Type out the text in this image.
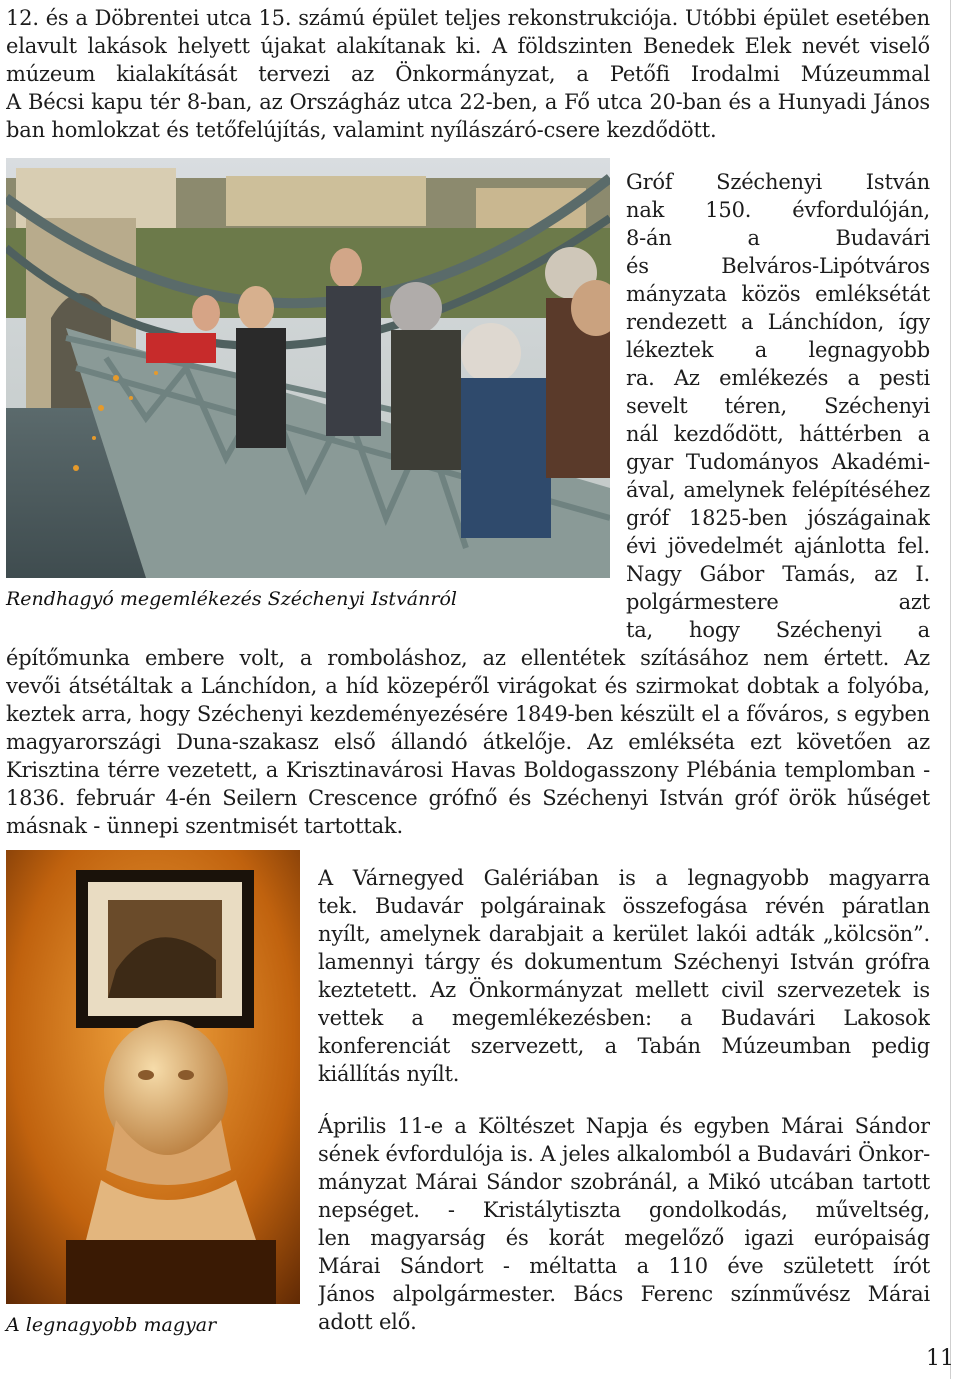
12. és a Döbrentei utca 15. számú épület teljes rekonstrukciója. Utóbbi épület esetében
elavult lakások helyett újakat alakítanak ki. A földszinten Benedek Elek nevét viselő
múzeum kialakítását tervezi az Önkormányzat, a Petőfi Irodalmi Múzeummal
A Bécsi kapu tér 8-ban, az Országház utca 22-ben, a Fő utca 20-ban és a Hunyadi János
ban homlokzat és tetőfelújítás, valamint nyílászáró-csere kezdődött.
Rendhagyó megemlékezés Széchenyi Istvánról
Gróf Széchenyi István
nak 150. évfordulóján,
8-án a Budavári
és Belváros-Lipótváros
mányzata közös emléksétát
rendezett a Lánchídon, így
lékeztek a legnagyobb
ra. Az emlékezés a pesti
sevelt téren, Széchenyi
nál kezdődött, háttérben a
gyar Tudományos Akadémi-
ával, amelynek felépítéséhez
gróf 1825-ben jószágainak
évi jövedelmét ajánlotta fel.
Nagy Gábor Tamás, az I.
polgármestere azt
ta, hogy Széchenyi a
építőmunka embere volt, a romboláshoz, az ellentétek szításához nem értett. Az
vevői átsétáltak a Lánchídon, a híd közepéről virágokat és szirmokat dobtak a folyóba,
keztek arra, hogy Széchenyi kezdeményezésére 1849-ben készült el a főváros, s egyben
magyarországi Duna-szakasz első állandó átkelője. Az emlékséta ezt követően az
Krisztina térre vezetett, a Krisztinavárosi Havas Boldogasszony Plébánia templomban -
1836. február 4-én Seilern Crescence grófnő és Széchenyi István gróf örök hűséget
másnak - ünnepi szentmisét tartottak.
A legnagyobb magyar
A Várnegyed Galériában is a legnagyobb magyarra
tek. Budavár polgárainak összefogása révén páratlan
nyílt, amelynek darabjait a kerület lakói adták „kölcsön”.
lamennyi tárgy és dokumentum Széchenyi István grófra
keztetett. Az Önkormányzat mellett civil szervezetek is
vettek a megemlékezésben: a Budavári Lakosok
konferenciát szervezett, a Tabán Múzeumban pedig
kiállítás nyílt.
Április 11-e a Költészet Napja és egyben Márai Sándor
sének évfordulója is. A jeles alkalomból a Budavári Önkor-
mányzat Márai Sándor szobránál, a Mikó utcában tartott
nepséget. - Kristálytiszta gondolkodás, műveltség,
len magyarság és korát megelőző igazi európaiság
Márai Sándort - méltatta a 110 éve született írót
János alpolgármester. Bács Ferenc színművész Márai
adott elő.
11
